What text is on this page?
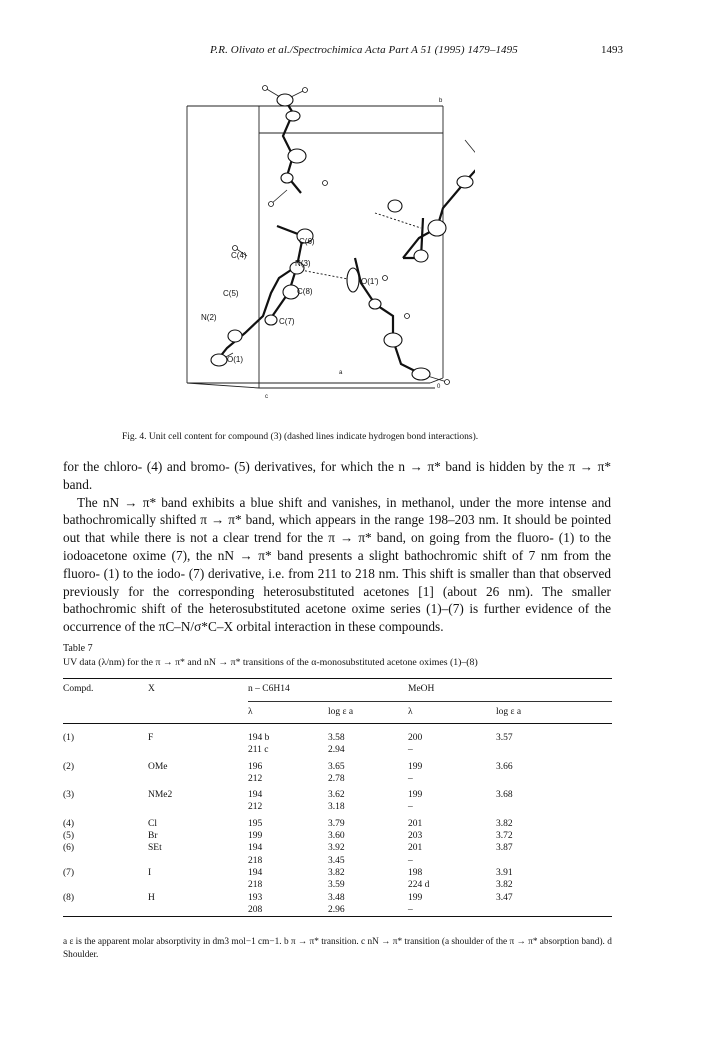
P.R. Olivato et al./Spectrochimica Acta Part A 51 (1995) 1479–1495	1493
C(6)
C(4)
N(3)
C(8)
O(1')
C(5)
N(2)	C(7)
O(1)
a
b
c
0
Fig. 4. Unit cell content for compound (3) (dashed lines indicate hydrogen bond interactions).

for the chloro- (4) and bromo- (5) derivatives, for which the n → π* band is hidden by the π → π* band.

The nN → π* band exhibits a blue shift and vanishes, in methanol, under the more intense and bathochromically shifted π → π* band, which appears in the range 198–203 nm. It should be pointed out that while there is not a clear trend for the π → π* band, on going from the fluoro- (1) to the iodoacetone oxime (7), the nN → π* band presents a slight bathochromic shift of 7 nm from the fluoro- (1) to the iodo- (7) derivative, i.e. from 211 to 218 nm. This shift is smaller than that observed previously for the corresponding heterosubstituted acetones [1] (about 26 nm). The smaller bathochromic shift of the heterosubstituted acetone oxime series (1)–(7) is further evidence of the occurrence of the πC–N/σ*C–X orbital interaction in these compounds.

Table 7
UV data (λ/nm) for the π → π* and nN → π* transitions of the α-monosubstituted acetone oximes (1)–(8)
Compd.	X	n – C6H14		MeOH	
		λ	log ε a	λ	log ε a
(1)	F	194 b	3.58	200	3.57
		211 c	2.94	–	
(2)	OMe	196	3.65	199	3.66
		212	2.78	–	
(3)	NMe2	194	3.62	199	3.68
		212	3.18	–	
(4)	Cl	195	3.79	201	3.82
(5)	Br	199	3.60	203	3.72
(6)	SEt	194	3.92	201	3.87
		218	3.45	–	
(7)	I	194	3.82	198	3.91
		218	3.59	224 d	3.82
(8)	H	193	3.48	199	3.47
		208	2.96	–	
a ε is the apparent molar absorptivity in dm3 mol−1 cm−1. b π → π* transition. c nN → π* transition (a shoulder of the π → π* absorption band). d Shoulder.
